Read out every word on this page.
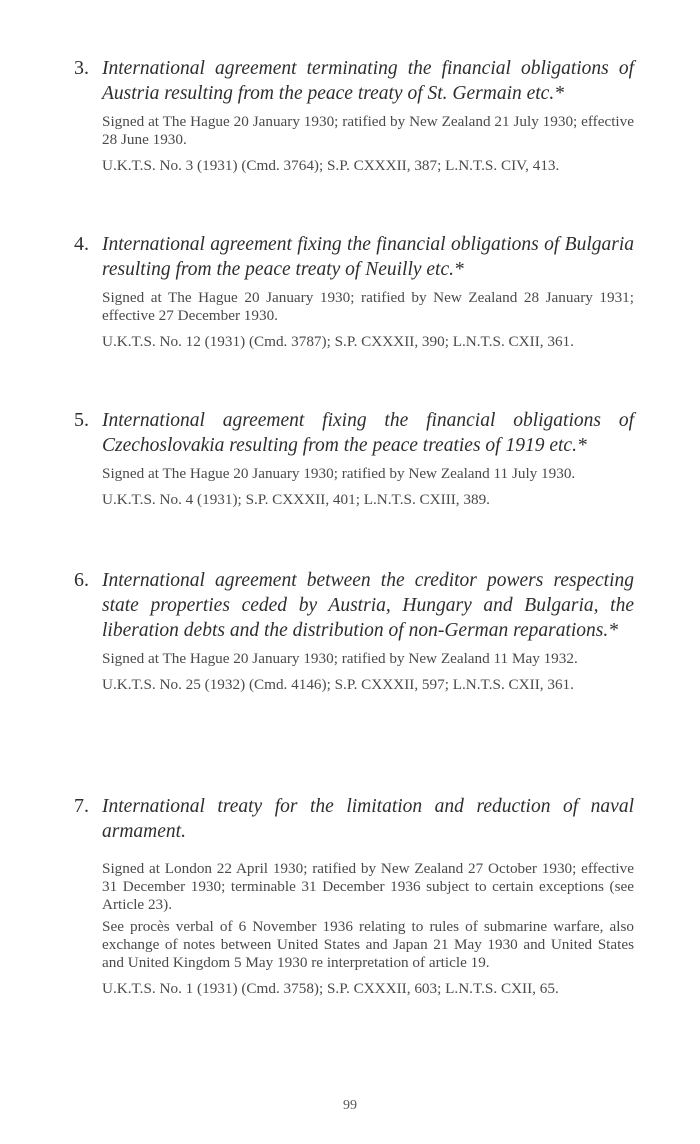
3. International agreement terminating the financial obligations of Austria resulting from the peace treaty of St. Germain etc.*

Signed at The Hague 20 January 1930; ratified by New Zealand 21 July 1930; effective 28 June 1930.

U.K.T.S. No. 3 (1931) (Cmd. 3764); S.P. CXXXII, 387; L.N.T.S. CIV, 413.

4. International agreement fixing the financial obligations of Bulgaria resulting from the peace treaty of Neuilly etc.*

Signed at The Hague 20 January 1930; ratified by New Zealand 28 January 1931; effective 27 December 1930.

U.K.T.S. No. 12 (1931) (Cmd. 3787); S.P. CXXXII, 390; L.N.T.S. CXII, 361.

5. International agreement fixing the financial obligations of Czechoslovakia resulting from the peace treaties of 1919 etc.*

Signed at The Hague 20 January 1930; ratified by New Zealand 11 July 1930.

U.K.T.S. No. 4 (1931); S.P. CXXXII, 401; L.N.T.S. CXIII, 389.

6. International agreement between the creditor powers respecting state properties ceded by Austria, Hungary and Bulgaria, the liberation debts and the distribution of non-German reparations.*

Signed at The Hague 20 January 1930; ratified by New Zealand 11 May 1932.

U.K.T.S. No. 25 (1932) (Cmd. 4146); S.P. CXXXII, 597; L.N.T.S. CXII, 361.

7. International treaty for the limitation and reduction of naval armament.

Signed at London 22 April 1930; ratified by New Zealand 27 October 1930; effective 31 December 1930; terminable 31 December 1936 subject to certain exceptions (see Article 23).

See procès verbal of 6 November 1936 relating to rules of submarine warfare, also exchange of notes between United States and Japan 21 May 1930 and United States and United Kingdom 5 May 1930 re interpretation of article 19.

U.K.T.S. No. 1 (1931) (Cmd. 3758); S.P. CXXXII, 603; L.N.T.S. CXII, 65.

99
